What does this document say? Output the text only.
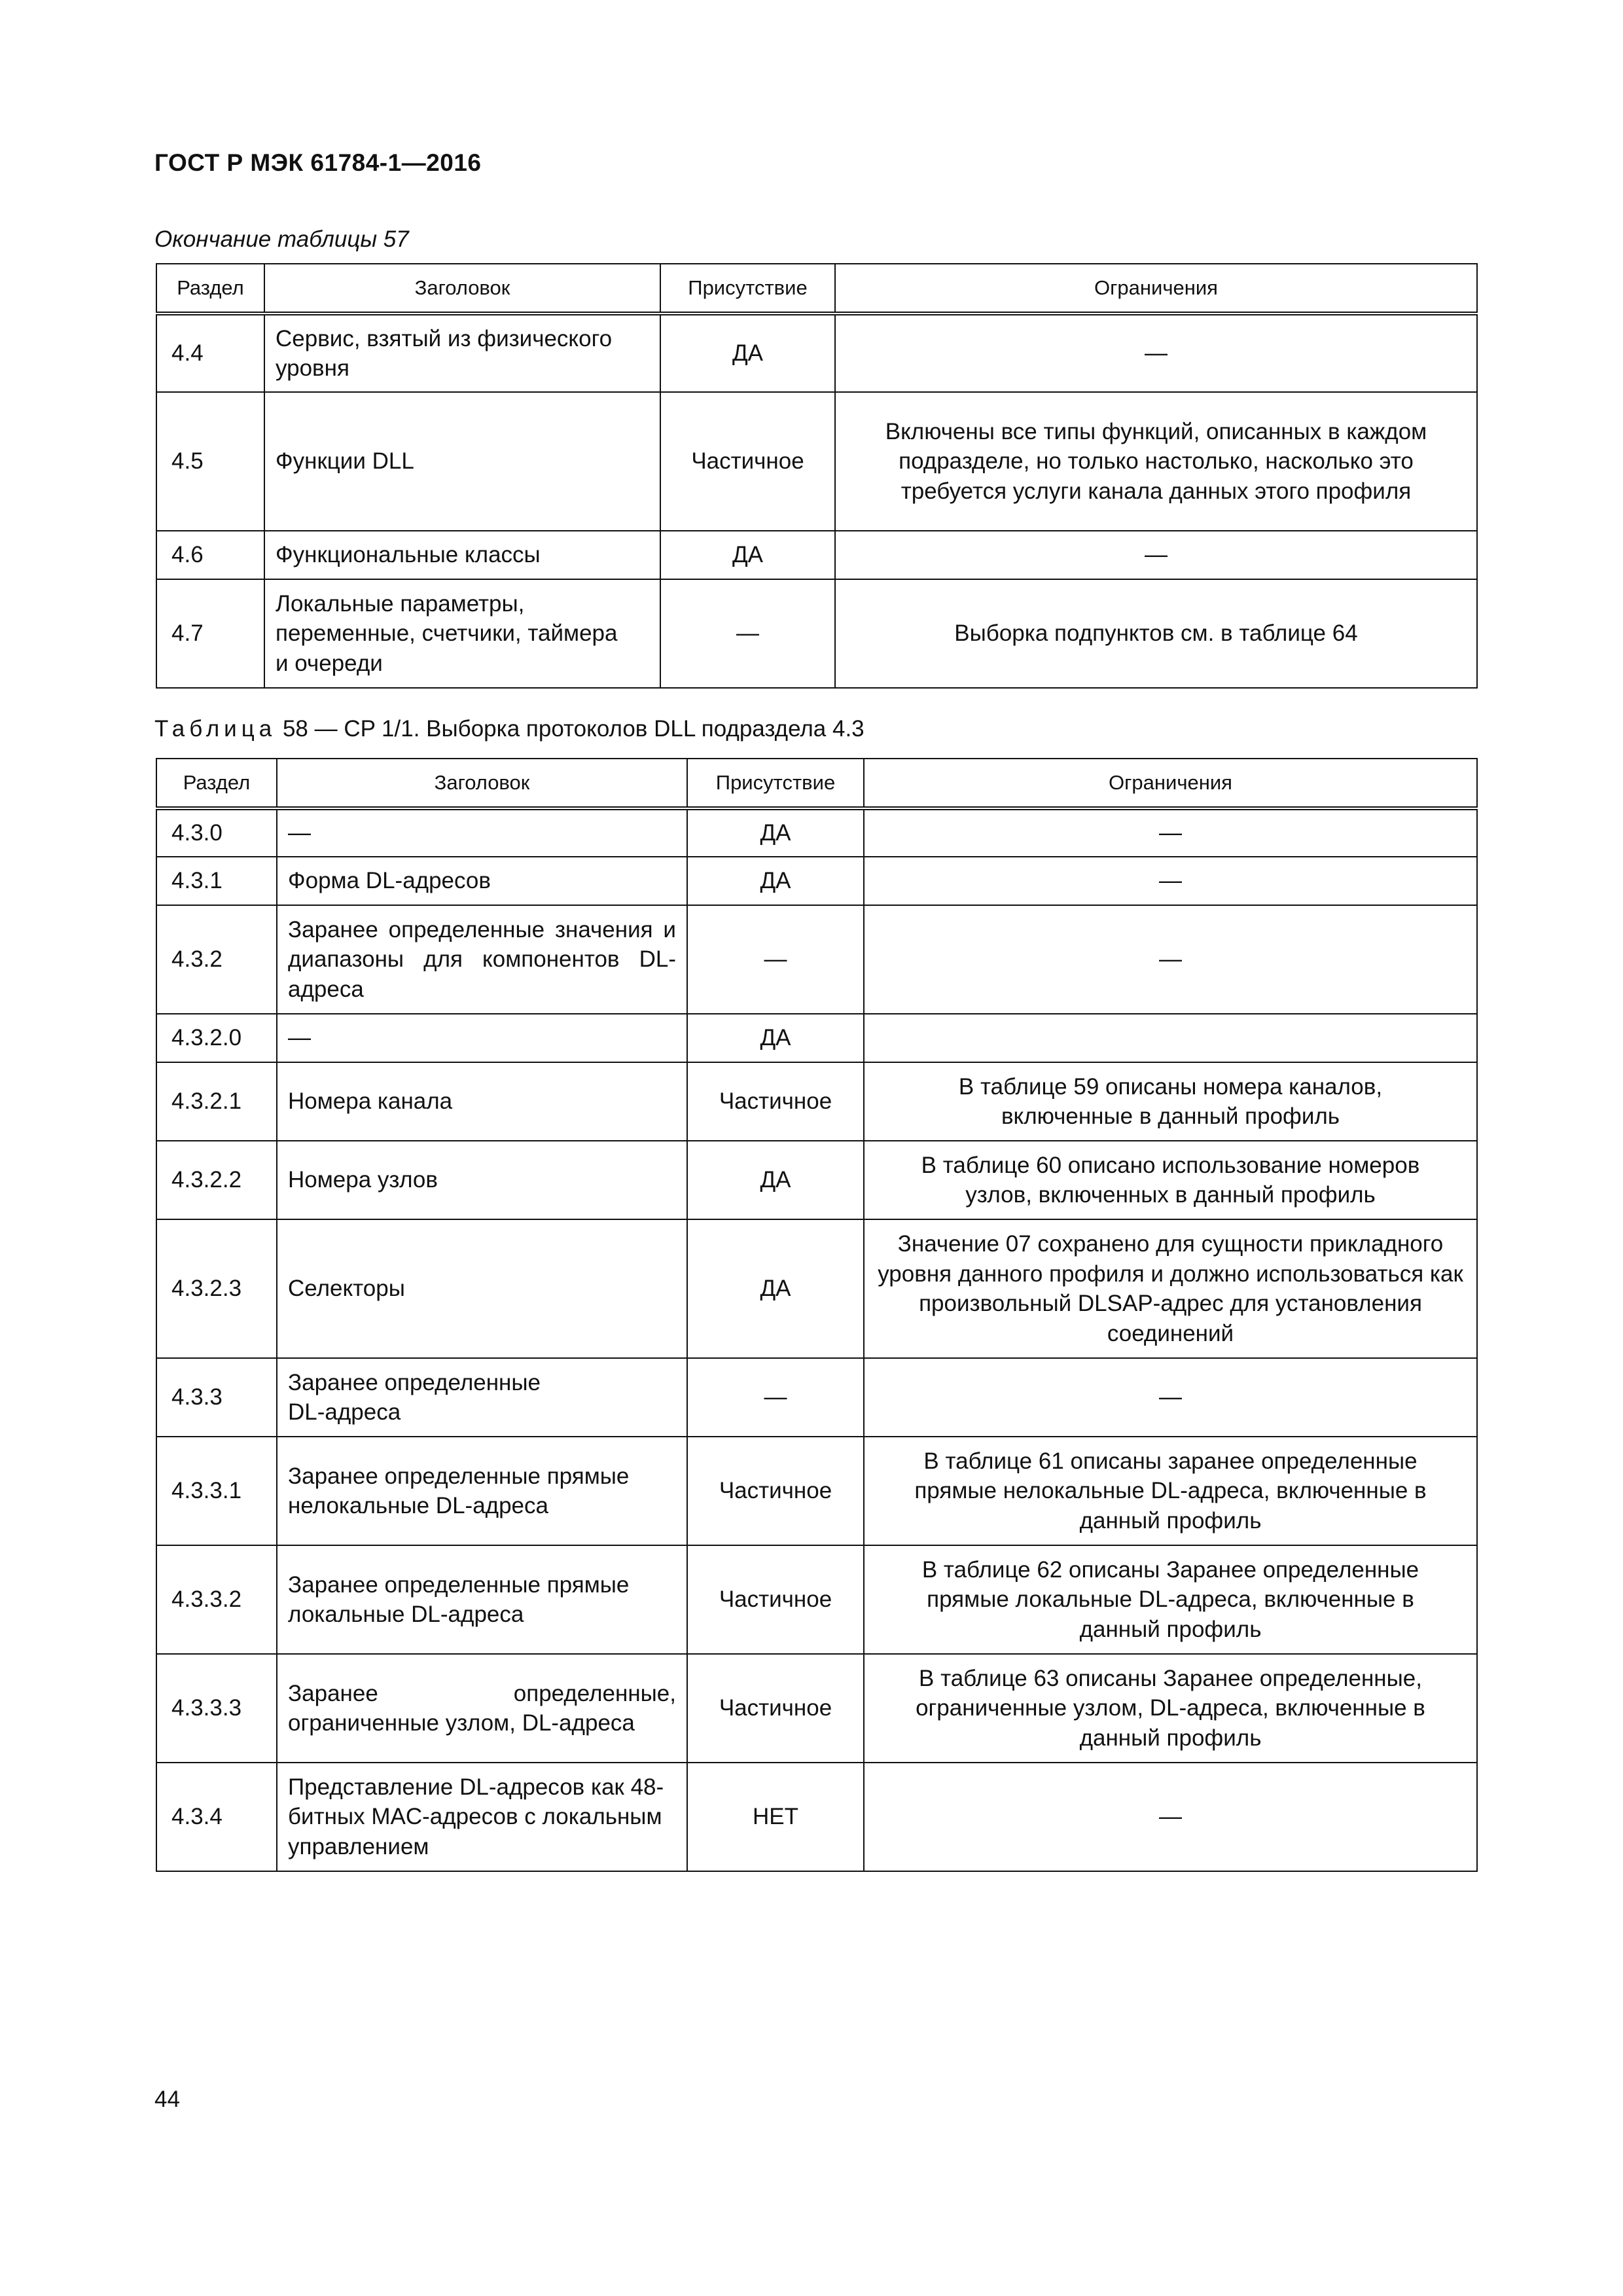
ГОСТ Р МЭК 61784-1—2016
Окончание таблицы 57
Раздел	Заголовок	Присутствие	Ограничения
4.4	Сервис, взятый из физического уровня	ДА	—
4.5	Функции DLL	Частичное	Включены все типы функций, описанных в каждом подразделе, но только настолько, насколько это требуется услуги канала данных этого профиля
4.6	Функциональные классы	ДА	—
4.7	Локальные параметры, переменные, счетчики, таймера и очереди	—	Выборка подпунктов см. в таблице 64
Таблица 58 — CP 1/1. Выборка протоколов DLL подраздела 4.3
Раздел	Заголовок	Присутствие	Ограничения
4.3.0	—	ДА	—
4.3.1	Форма DL-адресов	ДА	—
4.3.2	Заранее определенные значения и диапазоны для компонентов DL-адреса	—	—
4.3.2.0	—	ДА	
4.3.2.1	Номера канала	Частичное	В таблице 59 описаны номера каналов, включенные в данный профиль
4.3.2.2	Номера узлов	ДА	В таблице 60 описано использование номеров узлов, включенных в данный профиль
4.3.2.3	Селекторы	ДА	Значение 07 сохранено для сущности прикладного уровня данного профиля и должно использоваться как произвольный DLSAP-адрес для установления соединений
4.3.3	Заранее определенные DL-адреса	—	—
4.3.3.1	Заранее определенные прямые нелокальные DL-адреса	Частичное	В таблице 61 описаны заранее определенные прямые нелокальные DL-адреса, включенные в данный профиль
4.3.3.2	Заранее определенные прямые локальные DL-адреса	Частичное	В таблице 62 описаны Заранее определенные прямые локальные DL-адреса, включенные в данный профиль
4.3.3.3	Заранее определенные, ограниченные узлом, DL-адреса	Частичное	В таблице 63 описаны Заранее определенные, ограниченные узлом, DL-адреса, включенные в данный профиль
4.3.4	Представление DL-адресов как 48-битных MAC-адресов с локальным управлением	НЕТ	—
44
